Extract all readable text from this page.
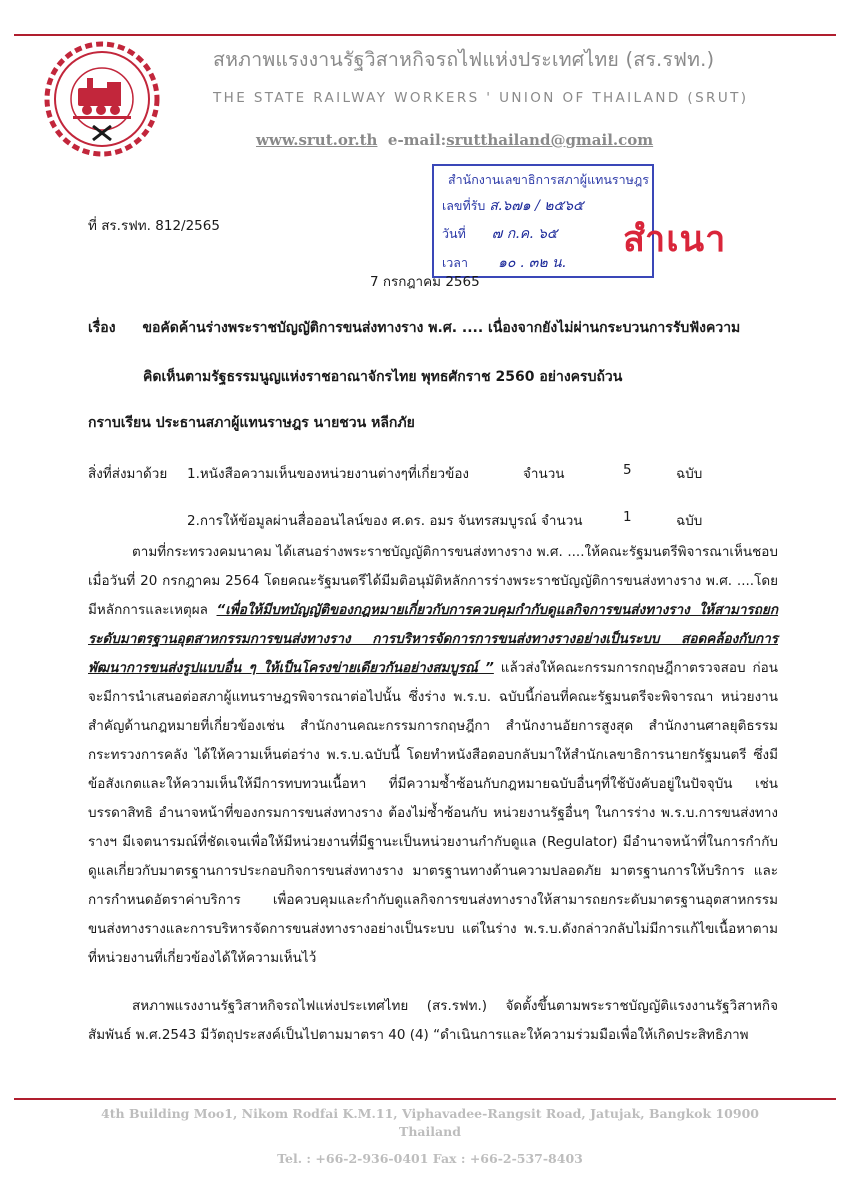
สหภาพแรงงานรัฐวิสาหกิจรถไฟแห่งประเทศไทย (สร.รฟท.)
THE STATE RAILWAY WORKERS ' UNION OF THAILAND (SRUT)
www.srut.or.th e-mail:srutthailand@gmail.com
สำนักงานเลขาธิการสภาผู้แทนราษฎร
เลขที่รับ ส.๖๗๑ / ๒๕๖๕
วันที่ ๗ ก.ค. ๖๕
เวลา ๑๐ . ๓๒ น.
สำเนา
ที่ สร.รฟท. 812/2565
7 กรกฎาคม 2565
เรื่อง ขอคัดค้านร่างพระราชบัญญัติการขนส่งทางราง พ.ศ. .... เนื่องจากยังไม่ผ่านกระบวนการรับฟังความ
คิดเห็นตามรัฐธรรมนูญแห่งราชอาณาจักรไทย พุทธศักราช 2560 อย่างครบถ้วน
กราบเรียน ประธานสภาผู้แทนราษฎร นายชวน หลีกภัย
สิ่งที่ส่งมาด้วย 1.หนังสือความเห็นของหน่วยงานต่างๆที่เกี่ยวข้อง	จำนวน	5	ฉบับ
2.การให้ข้อมูลผ่านสื่อออนไลน์ของ ศ.ดร. อมร จันทรสมบูรณ์ จำนวน	1	ฉบับ
ตามที่กระทรวงคมนาคม ได้เสนอร่างพระราชบัญญัติการขนส่งทางราง พ.ศ. ....ให้คณะรัฐมนตรีพิจารณาเห็นชอบเมื่อวันที่ 20 กรกฎาคม 2564 โดยคณะรัฐมนตรีได้มีมติอนุมัติหลักการร่างพระราชบัญญัติการขนส่งทางราง พ.ศ. ....โดยมีหลักการและเหตุผล “เพื่อให้มีบทบัญญัติของกฎหมายเกี่ยวกับการควบคุมกำกับดูแลกิจการขนส่งทางราง ให้สามารถยกระดับมาตรฐานอุตสาหกรรมการขนส่งทางราง การบริหารจัดการการขนส่งทางรางอย่างเป็นระบบ สอดคล้องกับการพัฒนาการขนส่งรูปแบบอื่น ๆ ให้เป็นโครงข่ายเดียวกันอย่างสมบูรณ์ ” แล้วส่งให้คณะกรรมการกฤษฎีกาตรวจสอบ ก่อนจะมีการนำเสนอต่อสภาผู้แทนราษฎรพิจารณาต่อไปนั้น ซึ่งร่าง พ.ร.บ. ฉบับนี้ก่อนที่คณะรัฐมนตรีจะพิจารณา หน่วยงานสำคัญด้านกฎหมายที่เกี่ยวข้องเช่น สำนักงานคณะกรรมการกฤษฎีกา สำนักงานอัยการสูงสุด สำนักงานศาลยุติธรรม กระทรวงการคลัง ได้ให้ความเห็นต่อร่าง พ.ร.บ.ฉบับนี้ โดยทำหนังสือตอบกลับมาให้สำนักเลขาธิการนายกรัฐมนตรี ซึ่งมีข้อสังเกตและให้ความเห็นให้มีการทบทวนเนื้อหา ที่มีความซ้ำซ้อนกับกฎหมายฉบับอื่นๆที่ใช้บังคับอยู่ในปัจจุบัน เช่น บรรดาสิทธิ อำนาจหน้าที่ของกรมการขนส่งทางราง ต้องไม่ซ้ำซ้อนกับ หน่วยงานรัฐอื่นๆ ในการร่าง พ.ร.บ.การขนส่งทางรางฯ มีเจตนารมณ์ที่ชัดเจนเพื่อให้มีหน่วยงานที่มีฐานะเป็นหน่วยงานกำกับดูแล (Regulator) มีอำนาจหน้าที่ในการกำกับดูแลเกี่ยวกับมาตรฐานการประกอบกิจการขนส่งทางราง มาตรฐานทางด้านความปลอดภัย มาตรฐานการให้บริการ และการกำหนดอัตราค่าบริการ เพื่อควบคุมและกำกับดูแลกิจการขนส่งทางรางให้สามารถยกระดับมาตรฐานอุตสาหกรรมขนส่งทางรางและการบริหารจัดการขนส่งทางรางอย่างเป็นระบบ แต่ในร่าง พ.ร.บ.ดังกล่าวกลับไม่มีการแก้ไขเนื้อหาตามที่หน่วยงานที่เกี่ยวข้องได้ให้ความเห็นไว้
สหภาพแรงงานรัฐวิสาหกิจรถไฟแห่งประเทศไทย (สร.รฟท.) จัดตั้งขึ้นตามพระราชบัญญัติแรงงานรัฐวิสาหกิจสัมพันธ์ พ.ศ.2543 มีวัตถุประสงค์เป็นไปตามมาตรา 40 (4) “ดำเนินการและให้ความร่วมมือเพื่อให้เกิดประสิทธิภาพ
4th Building Moo1, Nikom Rodfai K.M.11, Viphavadee-Rangsit Road, Jatujak, Bangkok 10900
Thailand
Tel. : +66-2-936-0401 Fax : +66-2-537-8403
